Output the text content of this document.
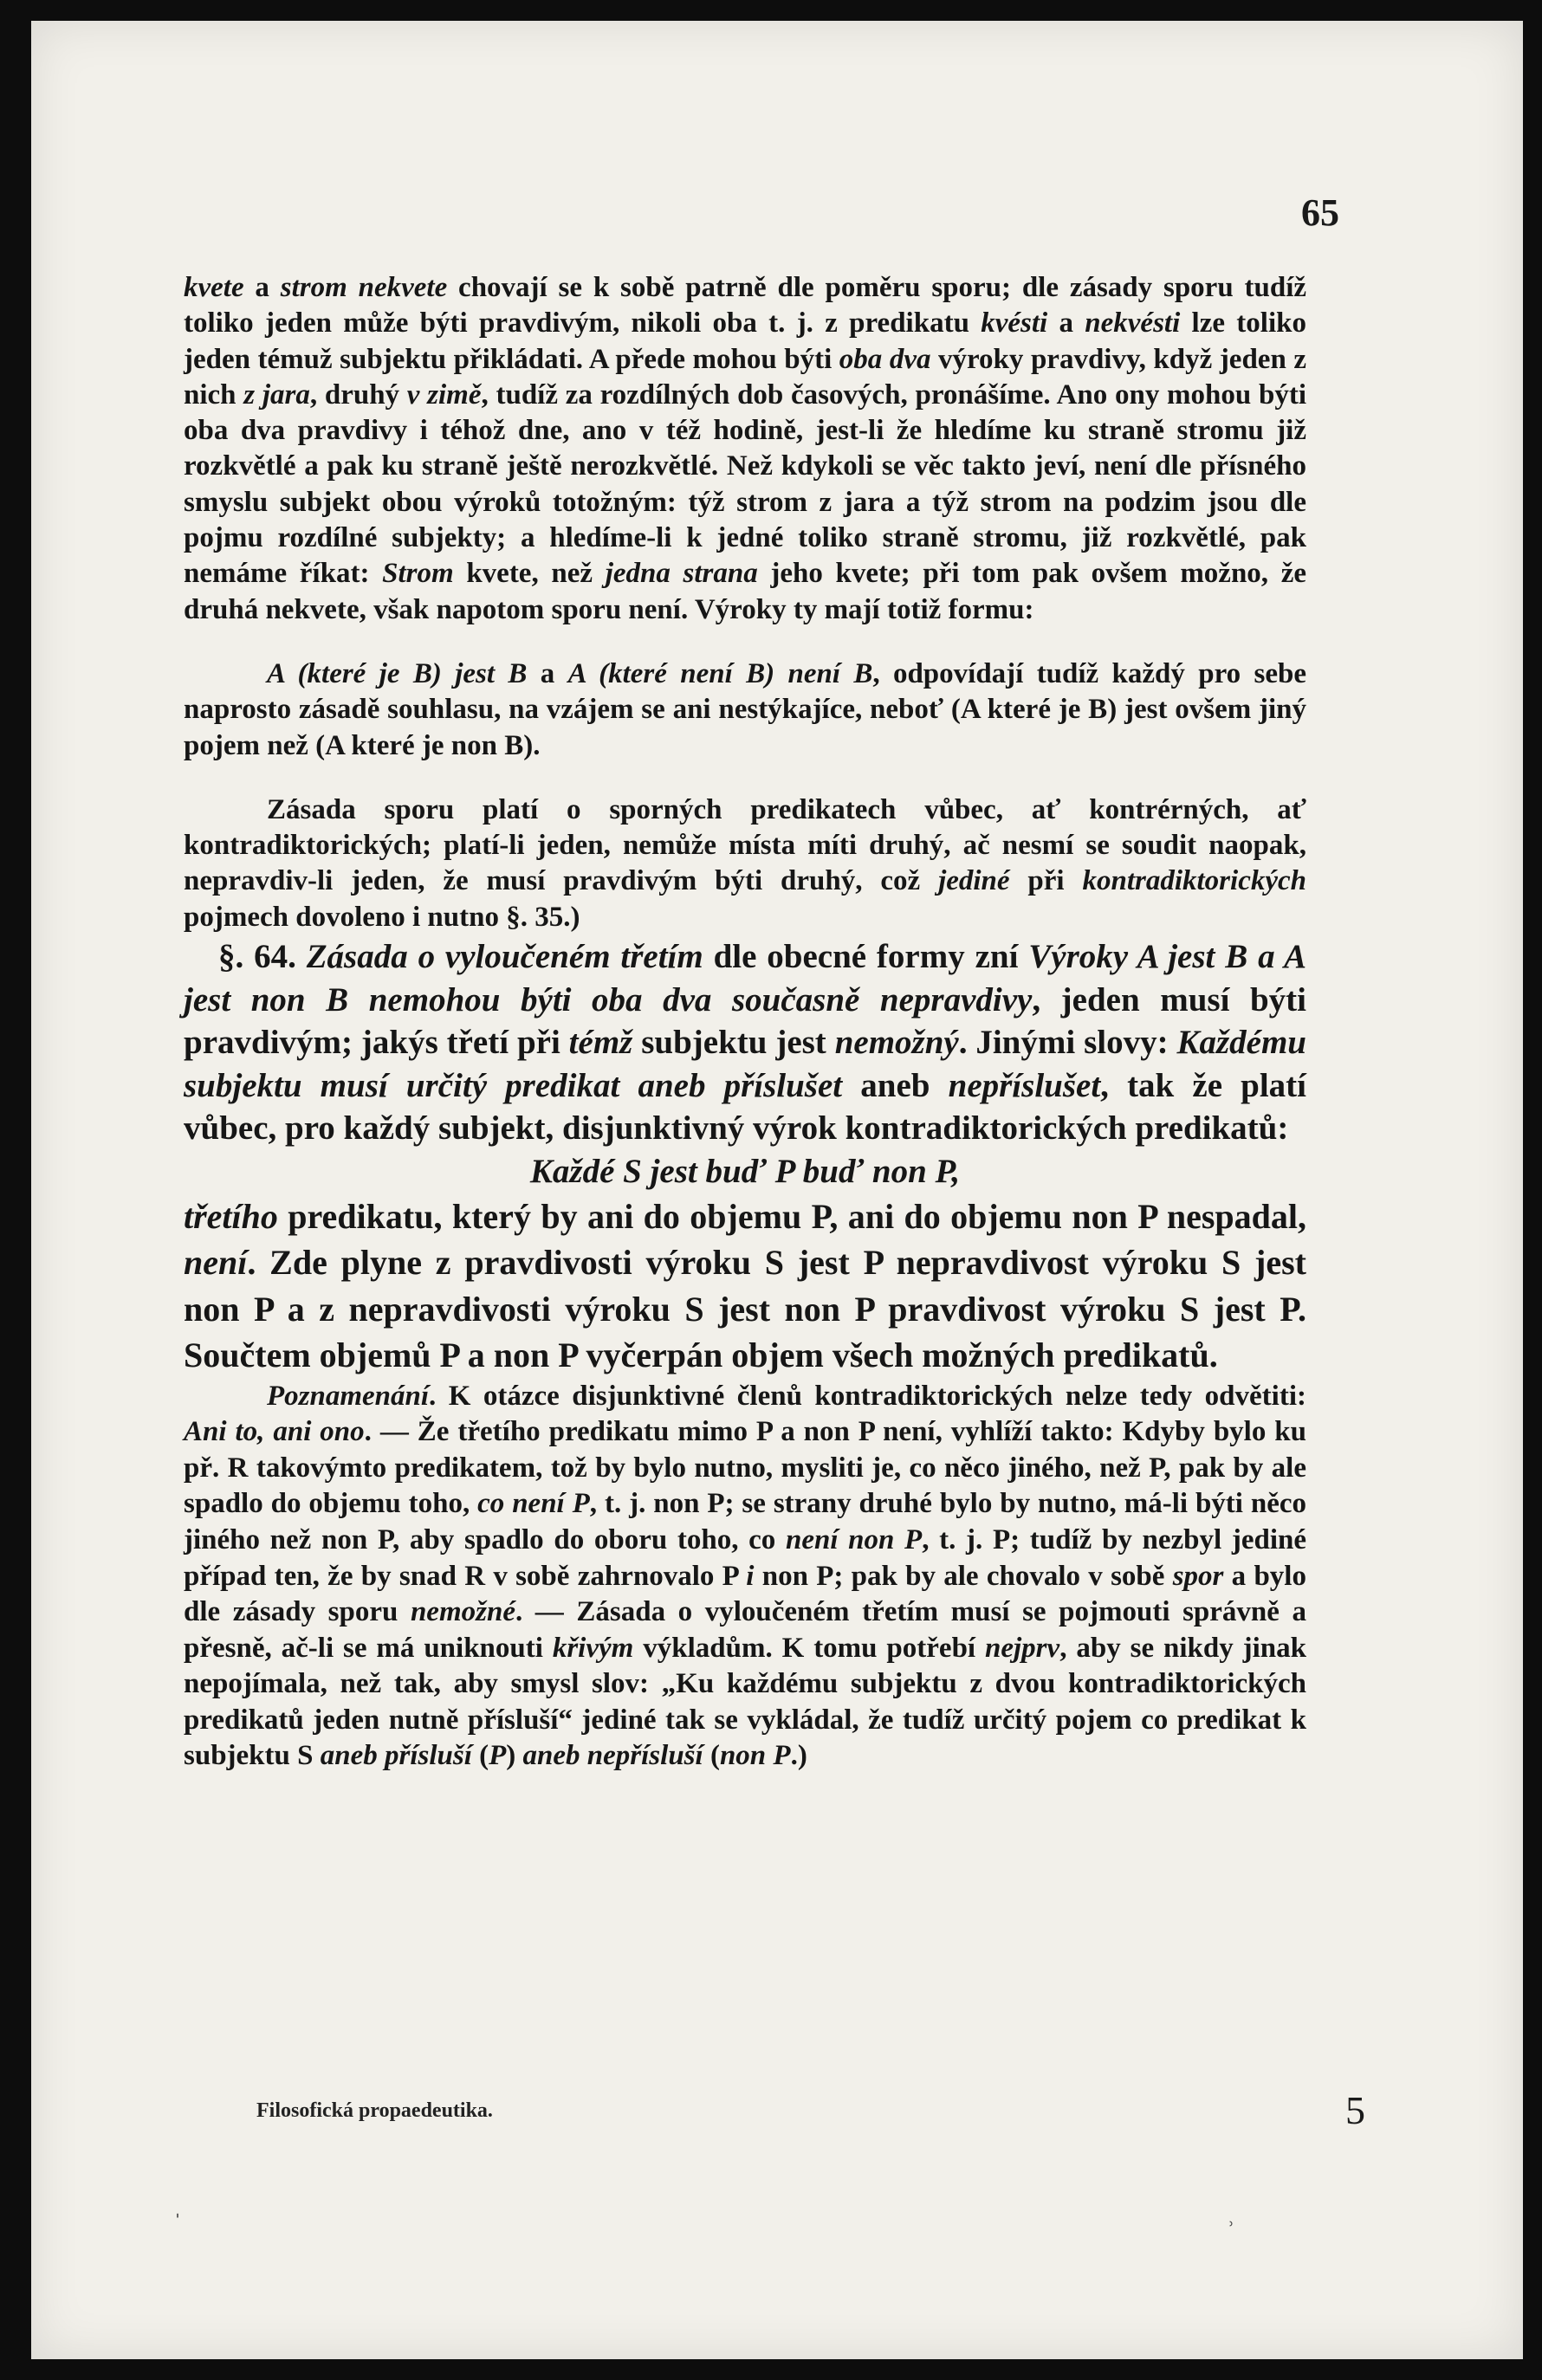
65

kvete a strom nekvete chovají se k sobě patrně dle poměru sporu; dle zásady sporu tudíž toliko jeden může býti pravdivým, nikoli oba t. j. z predikatu kvésti a nekvésti lze toliko jeden témuž subjektu přikládati. A přede mohou býti oba dva výroky pravdivy, když jeden z nich z jara, druhý v zimě, tudíž za rozdílných dob časových, pronášíme. Ano ony mohou býti oba dva pravdivy i téhož dne, ano v též hodině, jest-li že hledíme ku straně stromu již rozkvětlé a pak ku straně ještě nerozkvětlé. Než kdykoli se věc takto jeví, není dle přísného smyslu subjekt obou výroků totožným: týž strom z jara a týž strom na podzim jsou dle pojmu rozdílné subjekty; a hledíme-li k jedné toliko straně stromu, již rozkvětlé, pak nemáme říkat: Strom kvete, než jedna strana jeho kvete; při tom pak ovšem možno, že druhá nekvete, však napotom sporu není. Výroky ty mají totiž formu:

A (které je B) jest B a A (které není B) není B, odpovídají tudíž každý pro sebe naprosto zásadě souhlasu, na vzájem se ani nestýkajíce, neboť (A které je B) jest ovšem jiný pojem než (A které je non B).

Zásada sporu platí o sporných predikatech vůbec, ať kontrérných, ať kontradiktorických; platí-li jeden, nemůže místa míti druhý, ač nesmí se soudit naopak, nepravdiv-li jeden, že musí pravdivým býti druhý, což jediné při kontradiktorických pojmech dovoleno i nutno §. 35.)

§. 64. Zásada o vyloučeném třetím dle obecné formy zní Výroky A jest B a A jest non B nemohou býti oba dva současně nepravdivy, jeden musí býti pravdivým; jakýs třetí při témž subjektu jest nemožný. Jinými slovy: Každému subjektu musí určitý predikat aneb příslušet aneb nepříslušet, tak že platí vůbec, pro každý subjekt, disjunktivný výrok kontradiktorických predikatů:

Každé S jest buď P buď non P,

třetího predikatu, který by ani do objemu P, ani do objemu non P nespadal, není. Zde plyne z pravdivosti výroku S jest P nepravdivost výroku S jest non P a z nepravdivosti výroku S jest non P pravdivost výroku S jest P. Součtem objemů P a non P vyčerpán objem všech možných predikatů.

Poznamenání. K otázce disjunktivné členů kontradiktorických nelze tedy odvětiti: Ani to, ani ono. — Že třetího predikatu mimo P a non P není, vyhlíží takto: Kdyby bylo ku př. R takovýmto predikatem, tož by bylo nutno, mysliti je, co něco jiného, než P, pak by ale spadlo do objemu toho, co není P, t. j. non P; se strany druhé bylo by nutno, má-li býti něco jiného než non P, aby spadlo do oboru toho, co není non P, t. j. P; tudíž by nezbyl jediné případ ten, že by snad R v sobě zahrnovalo P i non P; pak by ale chovalo v sobě spor a bylo dle zásady sporu nemožné. — Zásada o vyloučeném třetím musí se pojmouti správně a přesně, ač-li se má uniknouti křivým výkladům. K tomu potřebí nejprv, aby se nikdy jinak nepojímala, než tak, aby smysl slov: „Ku každému subjektu z dvou kontradiktorických predikatů jeden nutně přísluší“ jediné tak se vykládal, že tudíž určitý pojem co predikat k subjektu S aneb přísluší (P) aneb nepřísluší (non P.)

Filosofická propaedeutika.	5
ˌ
˒
